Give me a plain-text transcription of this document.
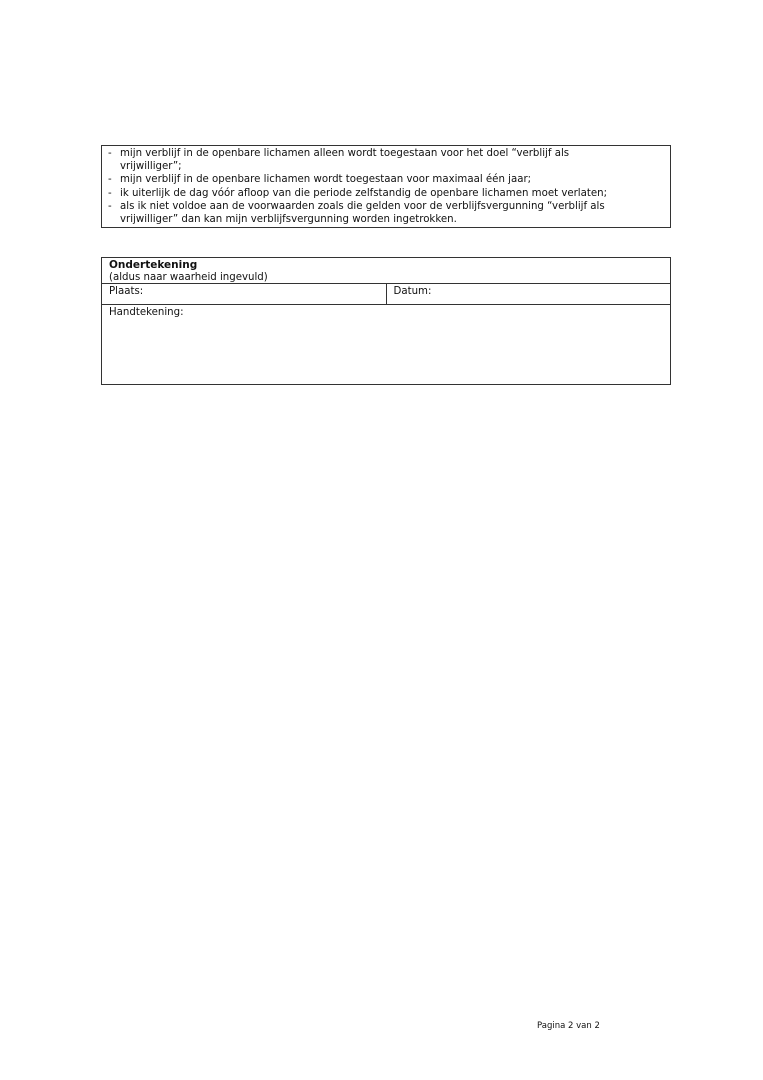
- mijn verblijf in de openbare lichamen alleen wordt toegestaan voor het doel “verblijf als
vrijwilliger”;
- mijn verblijf in de openbare lichamen wordt toegestaan voor maximaal één jaar;
- ik uiterlijk de dag vóór afloop van die periode zelfstandig de openbare lichamen moet verlaten;
- als ik niet voldoe aan de voorwaarden zoals die gelden voor de verblijfsvergunning “verblijf als
vrijwilliger” dan kan mijn verblijfsvergunning worden ingetrokken.
Ondertekening
(aldus naar waarheid ingevuld)
Plaats:	Datum:
Handtekening:
Pagina 2 van 2
